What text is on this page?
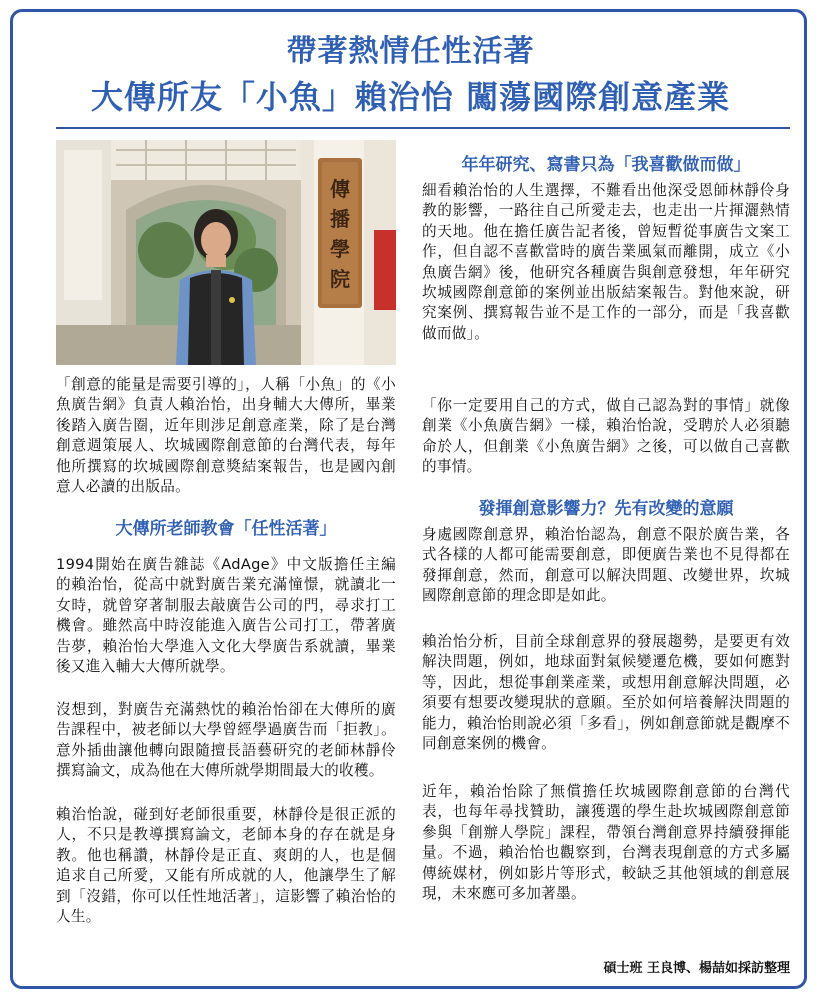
帶著熱情任性活著
大傳所友「小魚」賴治怡 闖蕩國際創意產業
傳播學院

「創意的能量是需要引導的」，人稱「小魚」的《小魚廣告網》負責人賴治怡，出身輔大大傳所，畢業後踏入廣告圈，近年則涉足創意產業，除了是台灣創意週策展人、坎城國際創意節的台灣代表，每年他所撰寫的坎城國際創意獎結案報告，也是國內創意人必讀的出版品。

大傳所老師教會「任性活著」

1994開始在廣告雜誌《AdAge》中文版擔任主編的賴治怡，從高中就對廣告業充滿憧憬，就讀北一女時，就曾穿著制服去敲廣告公司的門，尋求打工機會。雖然高中時沒能進入廣告公司打工，帶著廣告夢，賴治怡大學進入文化大學廣告系就讀，畢業後又進入輔大大傳所就學。

沒想到，對廣告充滿熱忱的賴治怡卻在大傳所的廣告課程中，被老師以大學曾經學過廣告而「拒教」。意外插曲讓他轉向跟隨擅長語藝研究的老師林靜伶撰寫論文，成為他在大傳所就學期間最大的收穫。

賴治怡說，碰到好老師很重要，林靜伶是很正派的人，不只是教導撰寫論文，老師本身的存在就是身教。他也稱讚，林靜伶是正直、爽朗的人，也是個追求自己所愛，又能有所成就的人，他讓學生了解到「沒錯，你可以任性地活著」，這影響了賴治怡的人生。

年年研究、寫書只為「我喜歡做而做」

細看賴治怡的人生選擇，不難看出他深受恩師林靜伶身教的影響，一路往自己所愛走去，也走出一片揮灑熱情的天地。他在擔任廣告記者後，曾短暫從事廣告文案工作，但自認不喜歡當時的廣告業風氣而離開，成立《小魚廣告網》後，他研究各種廣告與創意發想，年年研究坎城國際創意節的案例並出版結案報告。對他來說，研究案例、撰寫報告並不是工作的一部分，而是「我喜歡做而做」。

「你一定要用自己的方式，做自己認為對的事情」就像創業《小魚廣告網》一樣，賴治怡說，受聘於人必須聽命於人，但創業《小魚廣告網》之後，可以做自己喜歡的事情。

發揮創意影響力？先有改變的意願

身處國際創意界，賴治怡認為，創意不限於廣告業，各式各樣的人都可能需要創意，即便廣告業也不見得都在發揮創意，然而，創意可以解決問題、改變世界，坎城國際創意節的理念即是如此。

賴治怡分析，目前全球創意界的發展趨勢，是要更有效解決問題，例如，地球面對氣候變遷危機，要如何應對等，因此，想從事創業產業，或想用創意解決問題，必須要有想要改變現狀的意願。至於如何培養解決問題的能力，賴治怡則說必須「多看」，例如創意節就是觀摩不同創意案例的機會。

近年，賴治怡除了無償擔任坎城國際創意節的台灣代表，也每年尋找贊助，讓獲選的學生赴坎城國際創意節參與「創辦人學院」課程，帶領台灣創意界持續發揮能量。不過，賴治怡也觀察到，台灣表現創意的方式多屬傳統媒材，例如影片等形式，較缺乏其他領域的創意展現，未來應可多加著墨。

碩士班 王良博、楊喆如採訪整理
